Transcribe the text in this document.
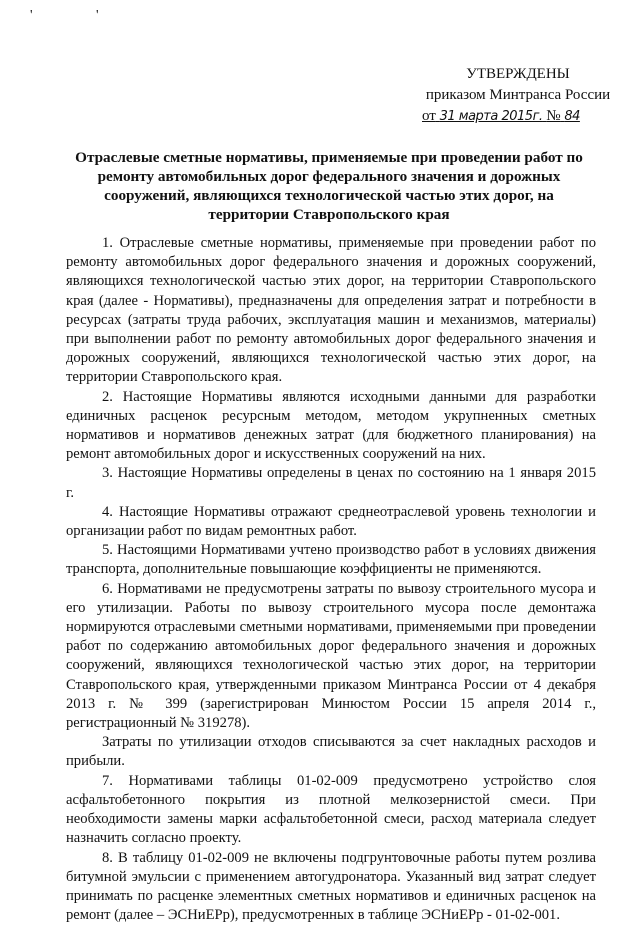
' '
УТВЕРЖДЕНЫ
приказом Минтранса России
от 31 марта 2015г. № 84
Отраслевые сметные нормативы, применяемые при проведении работ по ремонту автомобильных дорог федерального значения и дорожных сооружений, являющихся технологической частью этих дорог, на территории Ставропольского края

1. Отраслевые сметные нормативы, применяемые при проведении работ по ремонту автомобильных дорог федерального значения и дорожных сооружений, являющихся технологической частью этих дорог, на территории Ставропольского края (далее - Нормативы), предназначены для определения затрат и потребности в ресурсах (затраты труда рабочих, эксплуатация машин и механизмов, материалы) при выполнении работ по ремонту автомобильных дорог федерального значения и дорожных сооружений, являющихся технологической частью этих дорог, на территории Ставропольского края.

2. Настоящие Нормативы являются исходными данными для разработки единичных расценок ресурсным методом, методом укрупненных сметных нормативов и нормативов денежных затрат (для бюджетного планирования) на ремонт автомобильных дорог и искусственных сооружений на них.

3. Настоящие Нормативы определены в ценах по состоянию на 1 января 2015 г.

4. Настоящие Нормативы отражают среднеотраслевой уровень технологии и организации работ по видам ремонтных работ.

5. Настоящими Нормативами учтено производство работ в условиях движения транспорта, дополнительные повышающие коэффициенты не применяются.

6. Нормативами не предусмотрены затраты по вывозу строительного мусора и его утилизации. Работы по вывозу строительного мусора после демонтажа нормируются отраслевыми сметными нормативами, применяемыми при проведении работ по содержанию автомобильных дорог федерального значения и дорожных сооружений, являющихся технологической частью этих дорог, на территории Ставропольского края, утвержденными приказом Минтранса России от 4 декабря 2013 г. № 399 (зарегистрирован Минюстом России 15 апреля 2014 г., регистрационный № 319278).

Затраты по утилизации отходов списываются за счет накладных расходов и прибыли.

7. Нормативами таблицы 01-02-009 предусмотрено устройство слоя асфальтобетонного покрытия из плотной мелкозернистой смеси. При необходимости замены марки асфальтобетонной смеси, расход материала следует назначить согласно проекту.

8. В таблицу 01-02-009 не включены подгрунтовочные работы путем розлива битумной эмульсии с применением автогудронатора. Указанный вид затрат следует принимать по расценке элементных сметных нормативов и единичных расценок на ремонт (далее – ЭСНиЕРр), предусмотренных в таблице ЭСНиЕРр - 01-02-001.
